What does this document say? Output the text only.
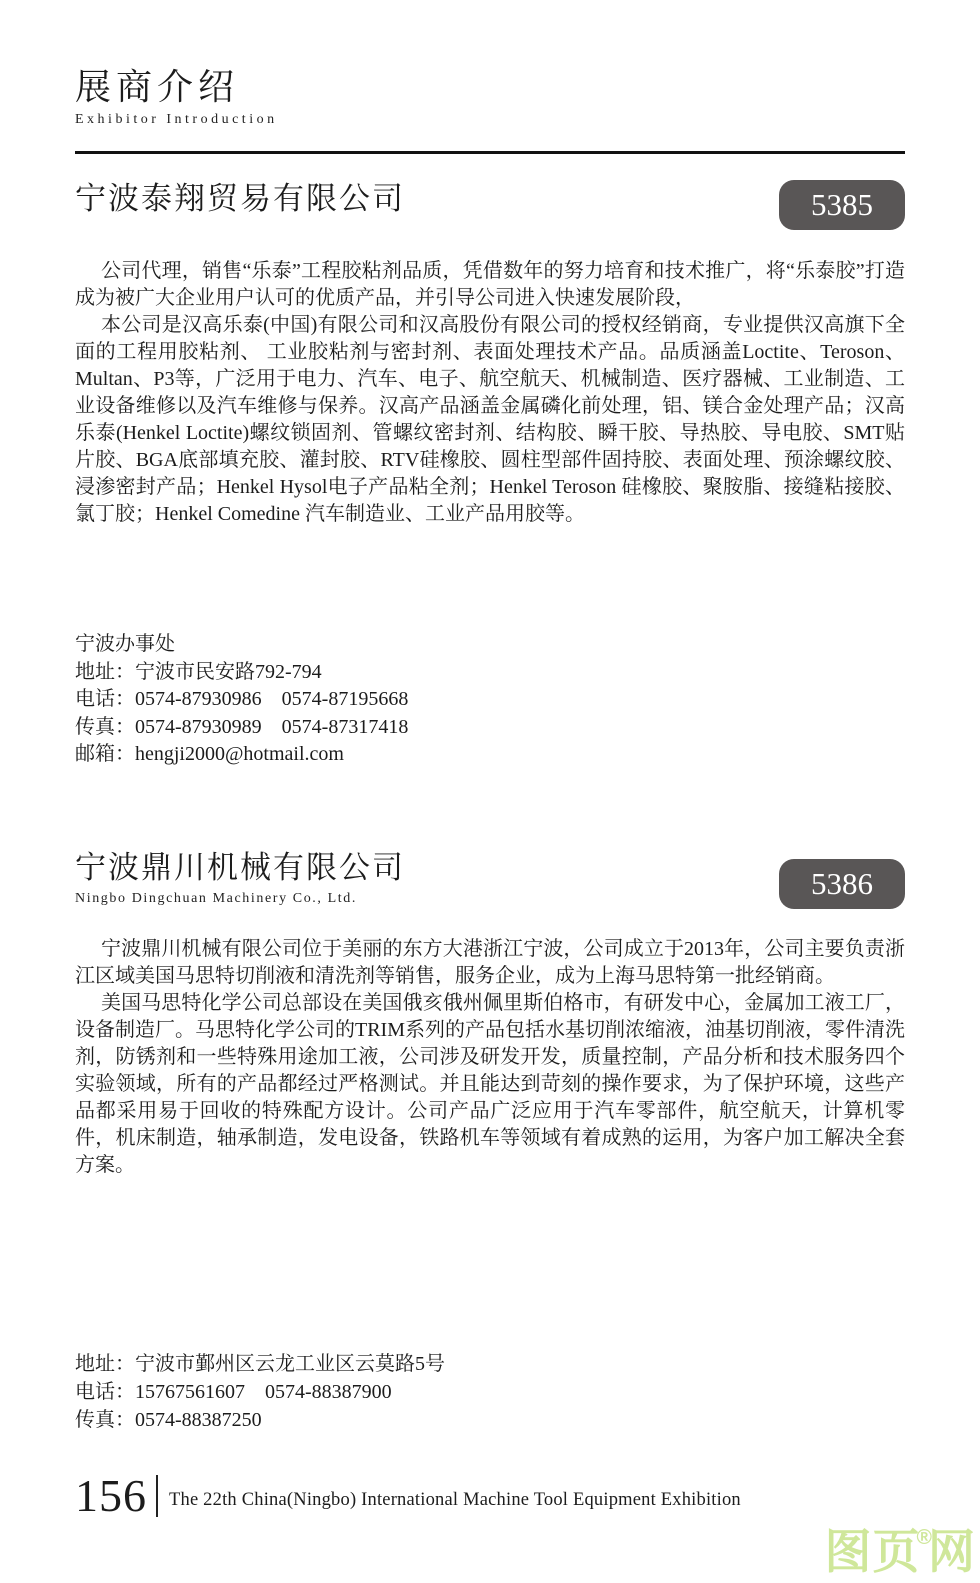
展商介绍
Exhibitor Introduction
宁波泰翔贸易有限公司	5385

公司代理，销售“乐泰”工程胶粘剂品质，凭借数年的努力培育和技术推广，将“乐泰胶”打造成为被广大企业用户认可的优质产品，并引导公司进入快速发展阶段，

本公司是汉高乐泰(中国)有限公司和汉高股份有限公司的授权经销商，专业提供汉高旗下全面的工程用胶粘剂、 工业胶粘剂与密封剂、表面处理技术产品。品质涵盖Loctite、Teroson、Multan、P3等，广泛用于电力、汽车、电子、航空航天、机械制造、医疗器械、工业制造、工业设备维修以及汽车维修与保养。汉高产品涵盖金属磷化前处理，铝、镁合金处理产品；汉高乐泰(Henkel Loctite)螺纹锁固剂、管螺纹密封剂、结构胶、瞬干胶、导热胶、导电胶、SMT贴片胶、BGA底部填充胶、灌封胶、RTV硅橡胶、圆柱型部件固持胶、表面处理、预涂螺纹胶、浸渗密封产品；Henkel Hysol电子产品粘全剂；Henkel Teroson 硅橡胶、聚胺脂、接缝粘接胶、氯丁胶；Henkel Comedine 汽车制造业、工业产品用胶等。

宁波办事处
地址：宁波市民安路792-794
电话：0574-87930986　0574-87195668
传真：0574-87930989　0574-87317418
邮箱：hengji2000@hotmail.com
宁波鼎川机械有限公司
Ningbo Dingchuan Machinery Co., Ltd.	5386

宁波鼎川机械有限公司位于美丽的东方大港浙江宁波，公司成立于2013年，公司主要负责浙江区域美国马思特切削液和清洗剂等销售，服务企业，成为上海马思特第一批经销商。

美国马思特化学公司总部设在美国俄亥俄州佩里斯伯格市，有研发中心，金属加工液工厂，设备制造厂。马思特化学公司的TRIM系列的产品包括水基切削浓缩液，油基切削液，零件清洗剂，防锈剂和一些特殊用途加工液，公司涉及研发开发，质量控制，产品分析和技术服务四个实验领域，所有的产品都经过严格测试。并且能达到苛刻的操作要求，为了保护环境，这些产品都采用易于回收的特殊配方设计。公司产品广泛应用于汽车零部件，航空航天，计算机零件，机床制造，轴承制造，发电设备，铁路机车等领域有着成熟的运用，为客户加工解决全套方案。

地址：宁波市鄞州区云龙工业区云莫路5号
电话：15767561607　0574-88387900
传真：0574-88387250
156 The 22th China(Ningbo) International Machine Tool Equipment Exhibition
图页®网
